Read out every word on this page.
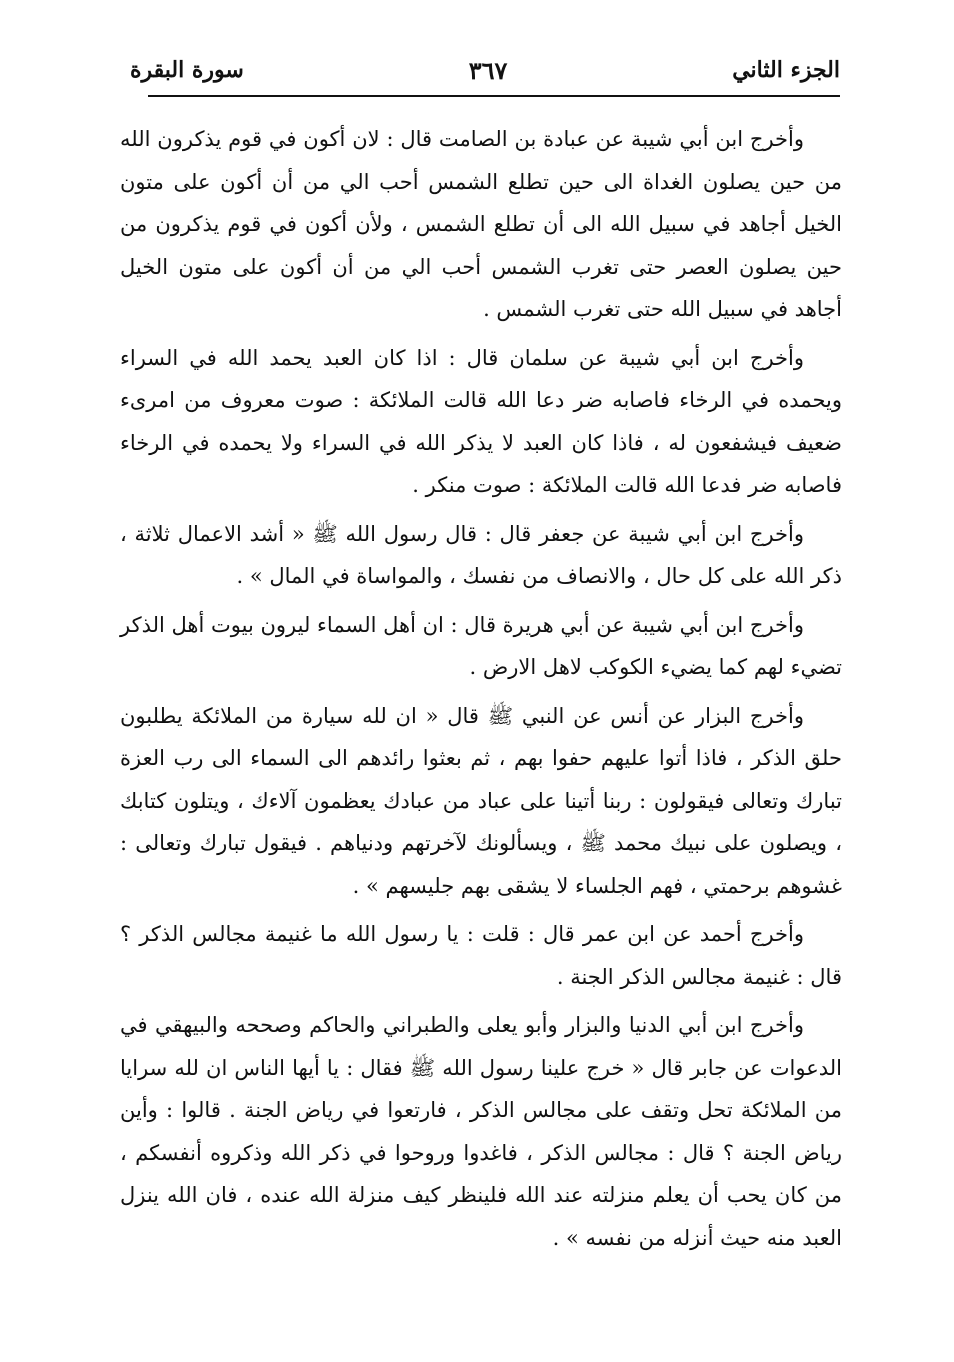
الجزء الثاني
٣٦٧
سورة البقرة

وأخرج ابن أبي شيبة عن عبادة بن الصامت قال : لان أكون في قوم يذكرون الله من حين يصلون الغداة الى حين تطلع الشمس أحب الي من أن أكون على متون الخيل أجاهد في سبيل الله الى أن تطلع الشمس ، ولأن أكون في قوم يذكرون من حين يصلون العصر حتى تغرب الشمس أحب الي من أن أكون على متون الخيل أجاهد في سبيل الله حتى تغرب الشمس .

وأخرج ابن أبي شيبة عن سلمان قال : اذا كان العبد يحمد الله في السراء ويحمده في الرخاء فاصابه ضر دعا الله قالت الملائكة : صوت معروف من امرىء ضعيف فيشفعون له ، فاذا كان العبد لا يذكر الله في السراء ولا يحمده في الرخاء فاصابه ضر فدعا الله قالت الملائكة : صوت منكر .

وأخرج ابن أبي شيبة عن جعفر قال : قال رسول الله ﷺ « أشد الاعمال ثلاثة ، ذكر الله على كل حال ، والانصاف من نفسك ، والمواساة في المال » .

وأخرج ابن أبي شيبة عن أبي هريرة قال : ان أهل السماء ليرون بيوت أهل الذكر تضيء لهم كما يضيء الكوكب لاهل الارض .

وأخرج البزار عن أنس عن النبي ﷺ قال « ان لله سيارة من الملائكة يطلبون حلق الذكر ، فاذا أتوا عليهم حفوا بهم ، ثم بعثوا رائدهم الى السماء الى رب العزة تبارك وتعالى فيقولون : ربنا أتينا على عباد من عبادك يعظمون آلاءك ، ويتلون كتابك ، ويصلون على نبيك محمد ﷺ ، ويسألونك لآخرتهم ودنياهم . فيقول تبارك وتعالى : غشوهم برحمتي ، فهم الجلساء لا يشقى بهم جليسهم » .

وأخرج أحمد عن ابن عمر قال : قلت : يا رسول الله ما غنيمة مجالس الذكر ؟ قال : غنيمة مجالس الذكر الجنة .

وأخرج ابن أبي الدنيا والبزار وأبو يعلى والطبراني والحاكم وصححه والبيهقي في الدعوات عن جابر قال « خرج علينا رسول الله ﷺ فقال : يا أيها الناس ان لله سرايا من الملائكة تحل وتقف على مجالس الذكر ، فارتعوا في رياض الجنة . قالوا : وأين رياض الجنة ؟ قال : مجالس الذكر ، فاغدوا وروحوا في ذكر الله وذكروه أنفسكم ، من كان يحب أن يعلم منزلته عند الله فلينظر كيف منزلة الله عنده ، فان الله ينزل العبد منه حيث أنزله من نفسه » .
